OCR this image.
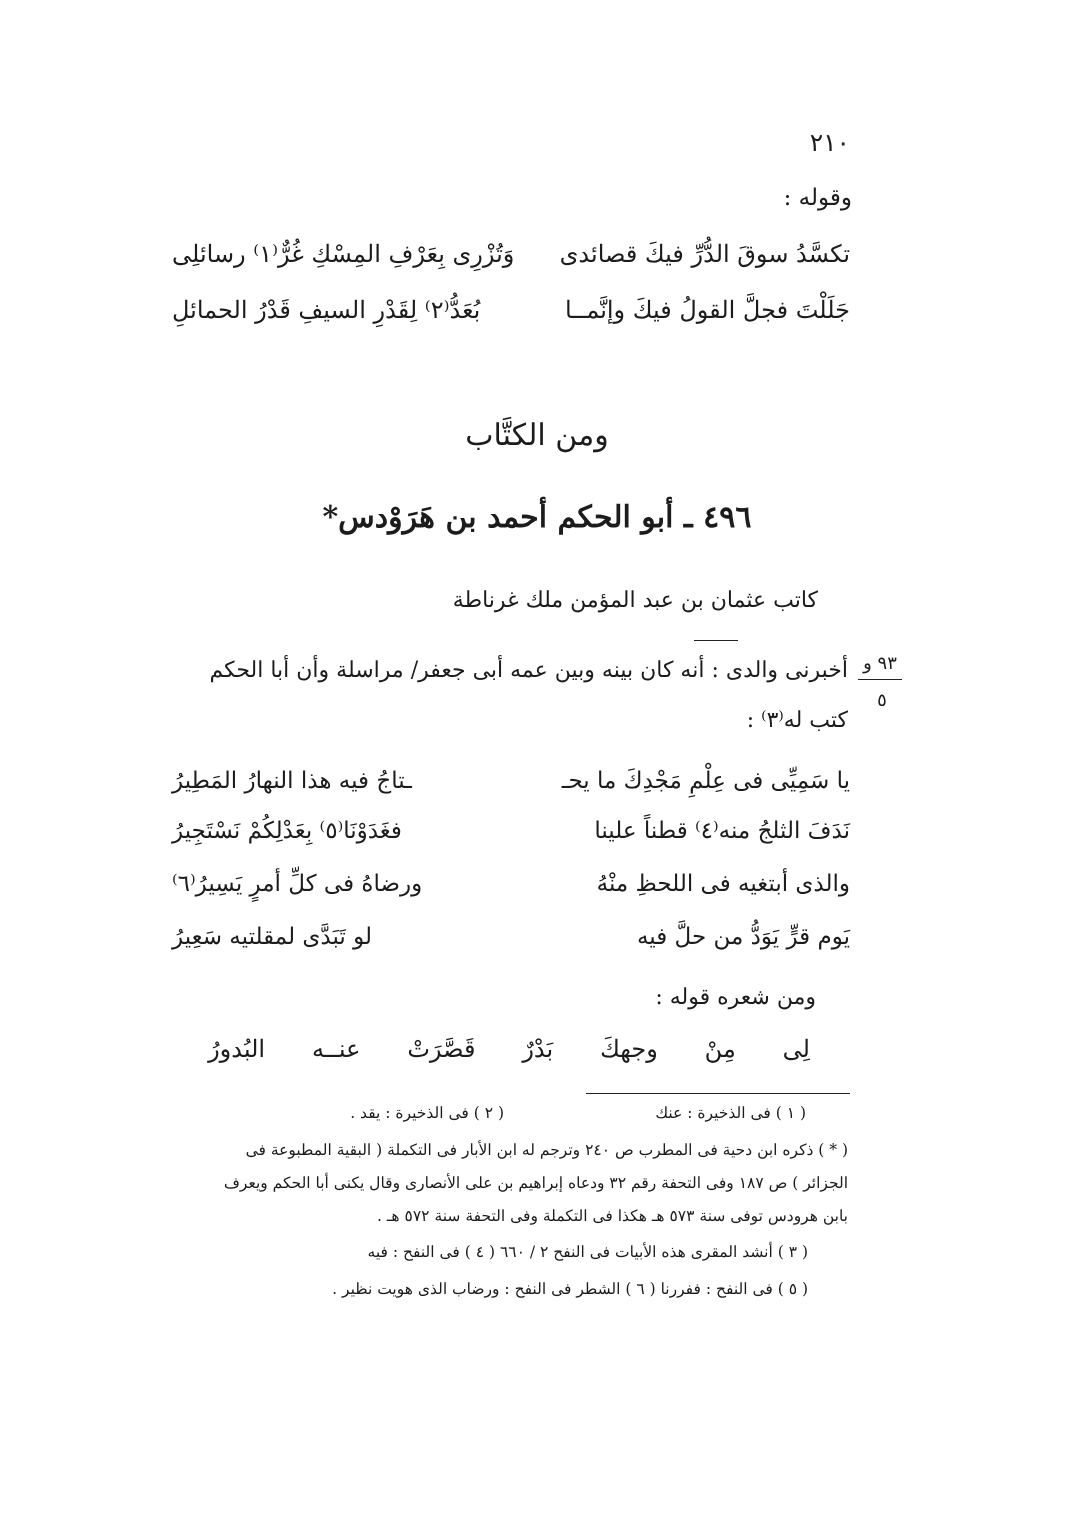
٢١٠
وقوله :
تكسَّدُ سوقَ الدُّرِّ فيكَ قصائدى
وَتُزْرِى بِعَرْفِ المِسْكِ غُرٌّ⁽١⁾ رسائلِى
جَلَلْتَ فجلَّ القولُ فيكَ وإنَّمــا
بُعَدُّ⁽٢⁾ لِقَدْرِ السيفِ قَدْرُ الحمائلِ
ومن الكتَّاب
٤٩٦ ـ أبو الحكم أحمد بن هَرَوْدس*
كاتب عثمان بن عبد المؤمن ملك غرناطة
٩٣ و
٥
أخبرنى والدى : أنه كان بينه وبين عمه أبى جعفر/ مراسلة وأن أبا الحكم
كتب له⁽٣⁾ :
يا سَمِيِّى فى عِلْمِ مَجْدِكَ ما يحـ
ـتاجُ فيه هذا النهارُ المَطِيرُ
نَدَفَ الثلجُ منه⁽٤⁾ قطناً علينا
فغَدَوْنَا⁽٥⁾ بِعَدْلِكُمْ نَسْتَجِيرُ
والذى أبتغيه فى اللحظِ منْهُ
ورضاهُ فى كلِّ أمرٍ يَسِيرُ⁽٦⁾
يَوم قرٍّ يَوَدُّ من حلَّ فيه
لو تَبَدَّى لمقلتيه سَعِيرُ
ومن شعره قوله :
لِى
مِنْ
وجهكَ
بَدْرٌ
قَصَّرَتْ
عنــه
البُدورُ
( ١ ) فى الذخيرة : عنك
( ٢ ) فى الذخيرة : يقد .
( * ) ذكره ابن دحية فى المطرب ص ٢٤٠ وترجم له ابن الأبار فى التكملة ( البقية المطبوعة فى
الجزائر ) ص ١٨٧ وفى التحفة رقم ٣٢ ودعاه إبراهيم بن على الأنصارى وقال يكنى أبا الحكم ويعرف
بابن هرودس توفى سنة ٥٧٣ هـ هكذا فى التكملة وفى التحفة سنة ٥٧٢ هـ .
( ٣ ) أنشد المقرى هذه الأبيات فى النفح ٢ / ٦٦٠ ( ٤ ) فى النفح : فيه
( ٥ ) فى النفح : ففررنا ( ٦ ) الشطر فى النفح : ورضاب الذى هويت نظير .
